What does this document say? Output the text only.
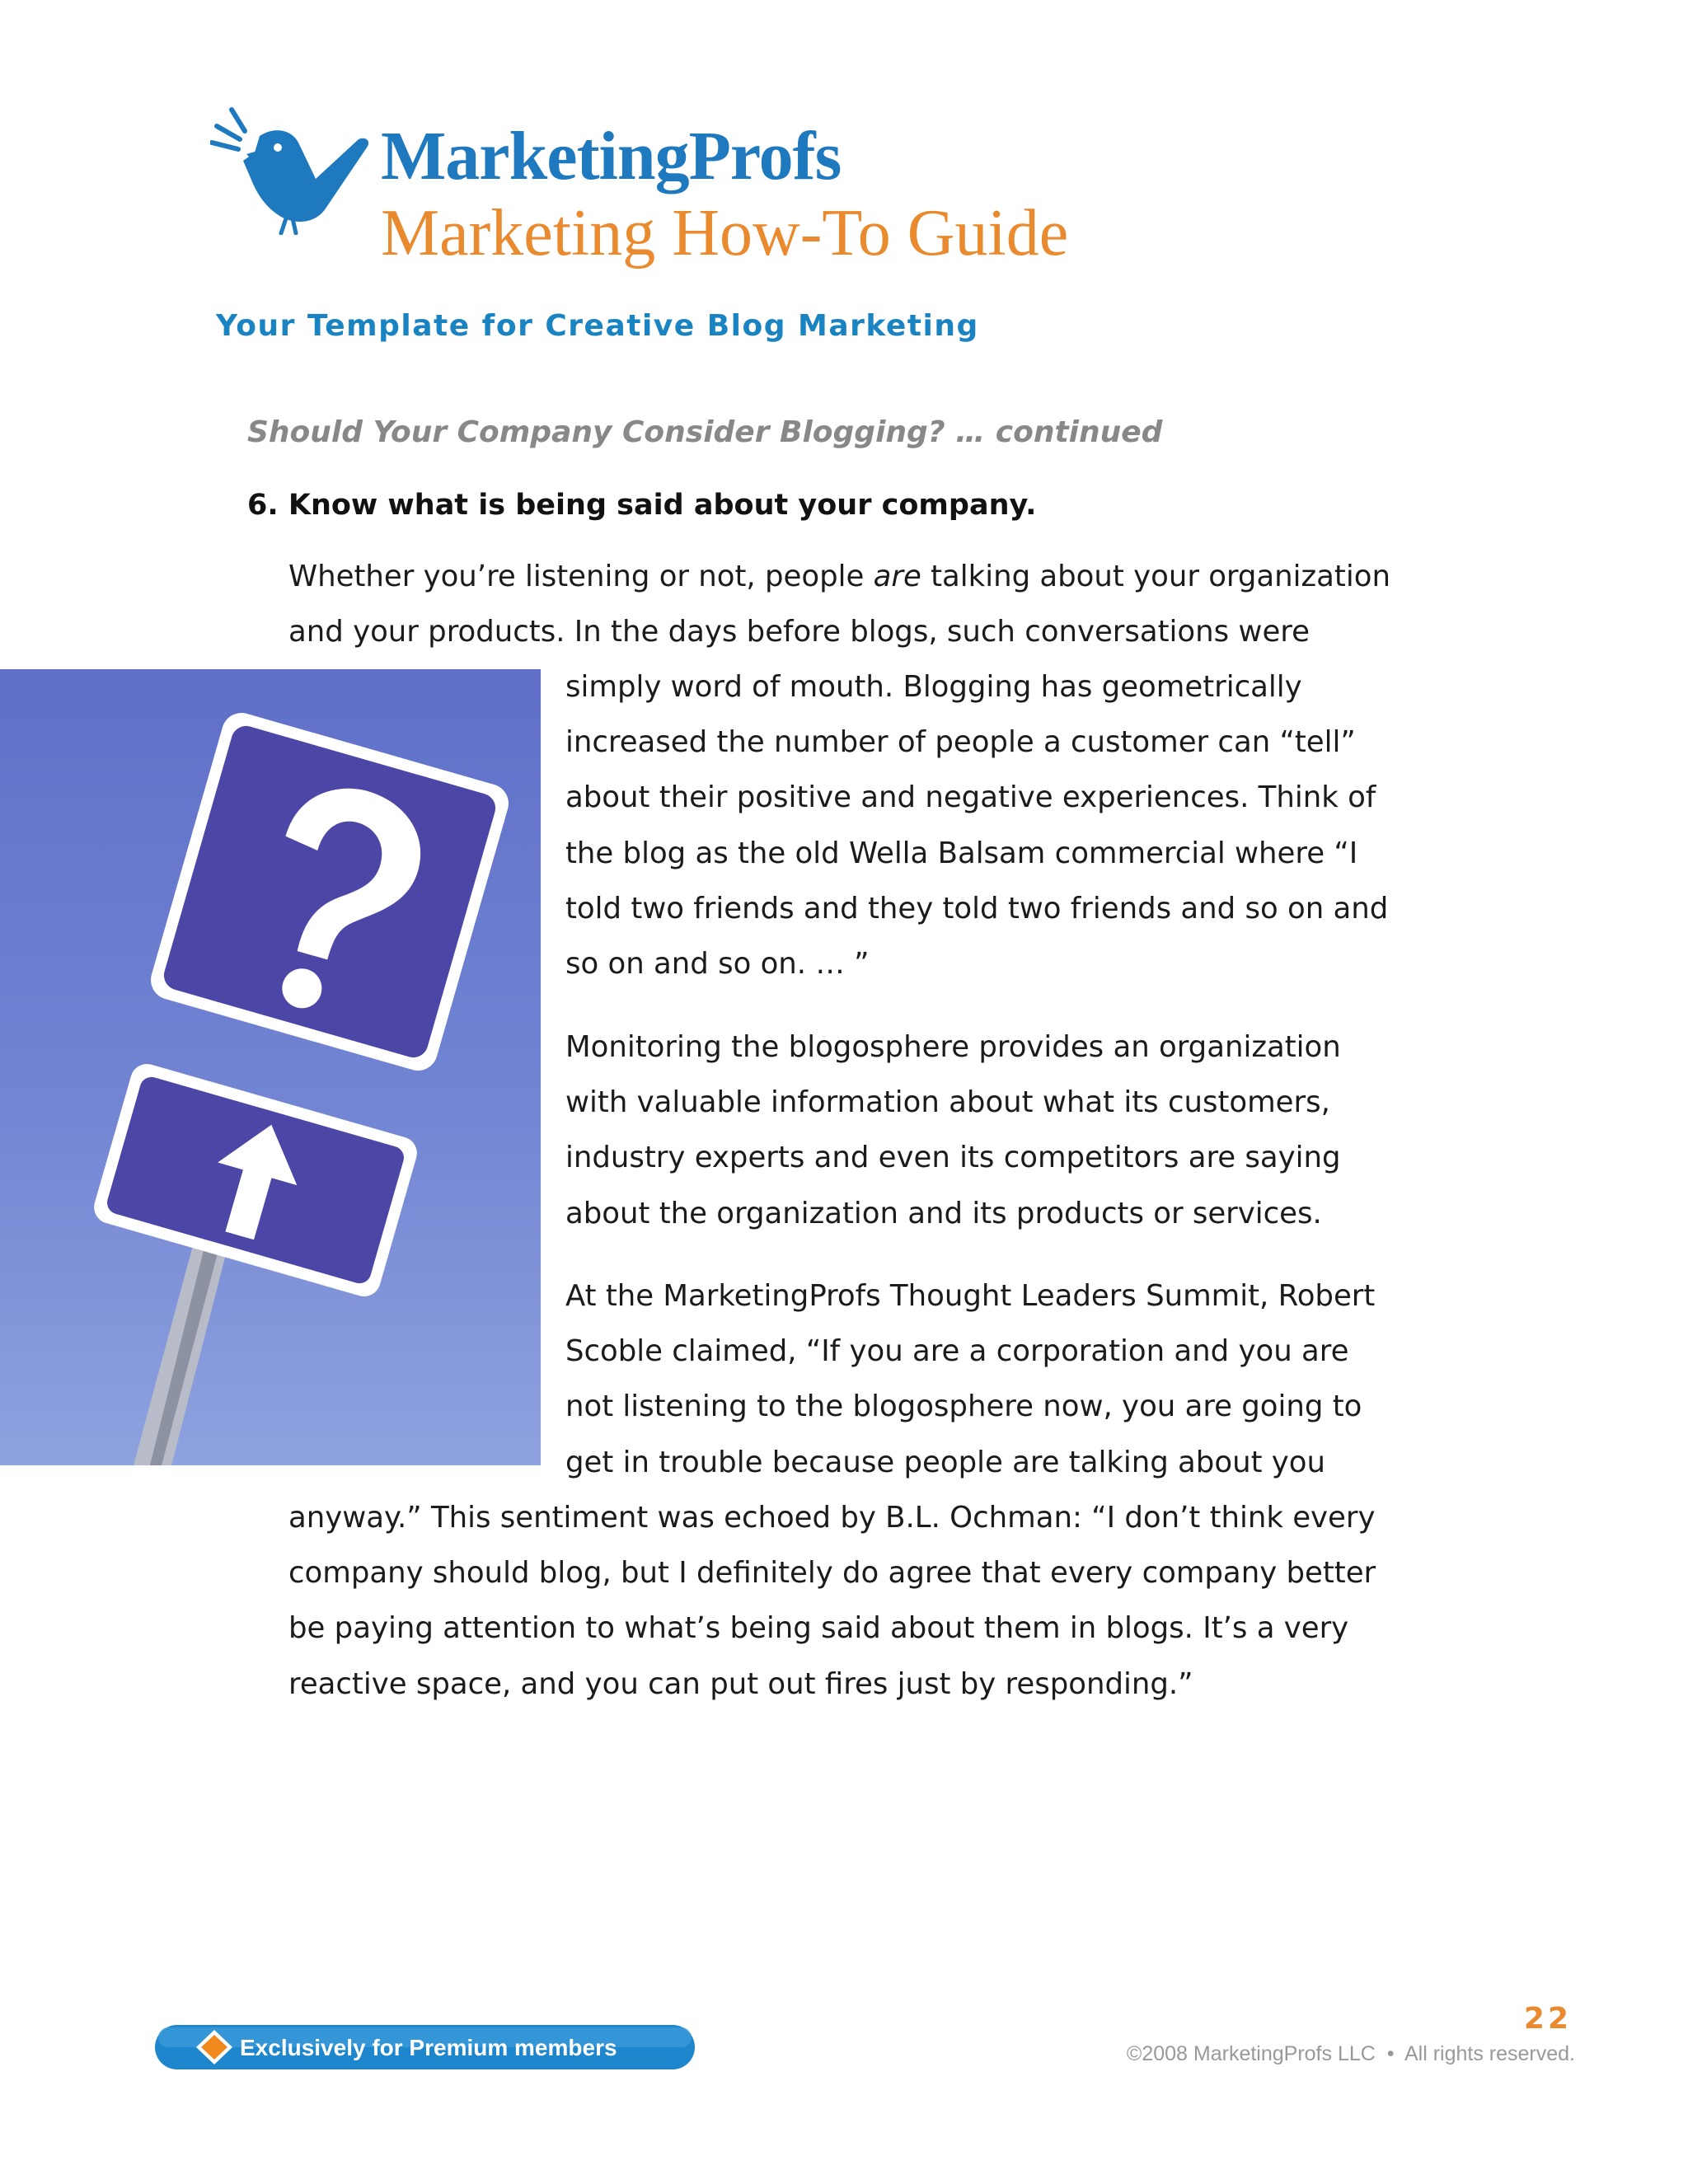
MarketingProfs
Marketing How-To Guide
Your Template for Creative Blog Marketing
Should Your Company Consider Blogging? … continued
6. Know what is being said about your company.
Whether you’re listening or not, people are talking about your organization
and your products. In the days before blogs, such conversations were
simply word of mouth. Blogging has geometrically
increased the number of people a customer can “tell”
about their positive and negative experiences. Think of
the blog as the old Wella Balsam commercial where “I
told two friends and they told two friends and so on and
so on and so on. … ”
Monitoring the blogosphere provides an organization
with valuable information about what its customers,
industry experts and even its competitors are saying
about the organization and its products or services.
At the MarketingProfs Thought Leaders Summit, Robert
Scoble claimed, “If you are a corporation and you are
not listening to the blogosphere now, you are going to
get in trouble because people are talking about you
anyway.” This sentiment was echoed by B.L. Ochman: “I don’t think every
company should blog, but I definitely do agree that every company better
be paying attention to what’s being said about them in blogs. It’s a very
reactive space, and you can put out fires just by responding.”
Exclusively for Premium members
22
©2008 MarketingProfs LLC  •  All rights reserved.
